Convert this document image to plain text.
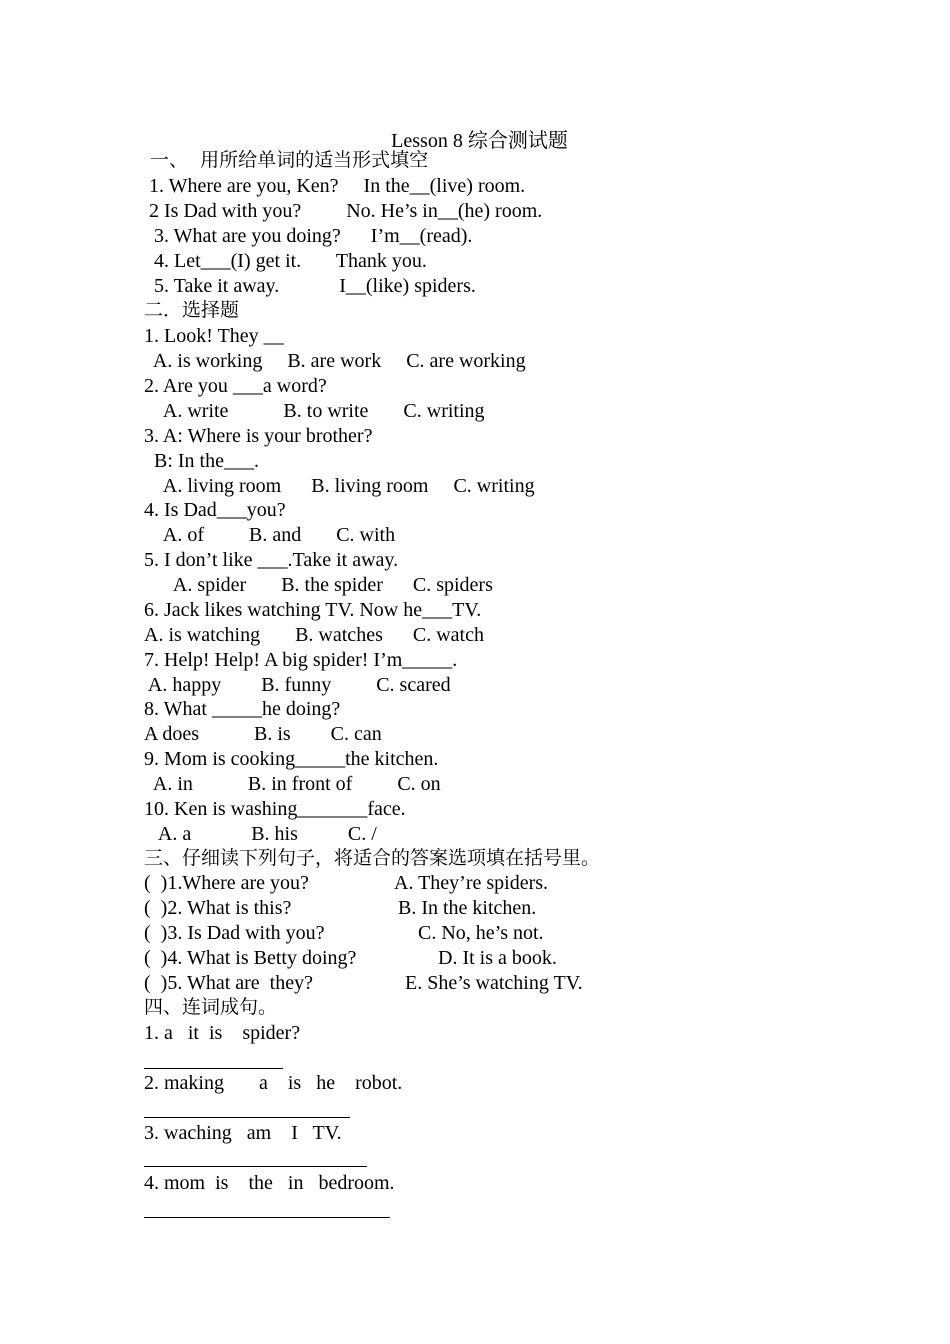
Lesson 8 综合测试题
一、  用所给单词的适当形式填空
1. Where are you, Ken?     In the__(live) room.
2 Is Dad with you?         No. He’s in__(he) room.
3. What are you doing?      I’m__(read).
4. Let___(I) get it.       Thank you.
5. Take it away.            I__(like) spiders.
二．选择题
1. Look! They __
A. is working     B. are work     C. are working
2. Are you ___a word?
A. write           B. to write       C. writing
3. A: Where is your brother?
B: In the___.
A. living room      B. living room     C. writing
4. Is Dad___you?
A. of         B. and       C. with
5. I don’t like ___.Take it away.
A. spider       B. the spider      C. spiders
6. Jack likes watching TV. Now he___TV.
A. is watching       B. watches      C. watch
7. Help! Help! A big spider! I’m_____.
A. happy        B. funny         C. scared
8. What _____he doing?
A does           B. is        C. can
9. Mom is cooking_____the kitchen.
A. in           B. in front of         C. on
10. Ken is washing_______face.
A. a            B. his          C. /
三、仔细读下列句子，将适合的答案选项填在括号里。
(  )1.Where are you?	A. They’re spiders.
(  )2. What is this?	B. In the kitchen.
(  )3. Is Dad with you?	C. No, he’s not.
(  )4. What is Betty doing?	D. It is a book.
(  )5. What are  they?	E. She’s watching TV.
四、连词成句。
1. a   it  is    spider?
2. making       a    is   he    robot.
3. waching   am    I   TV.
4. mom  is    the   in   bedroom.
